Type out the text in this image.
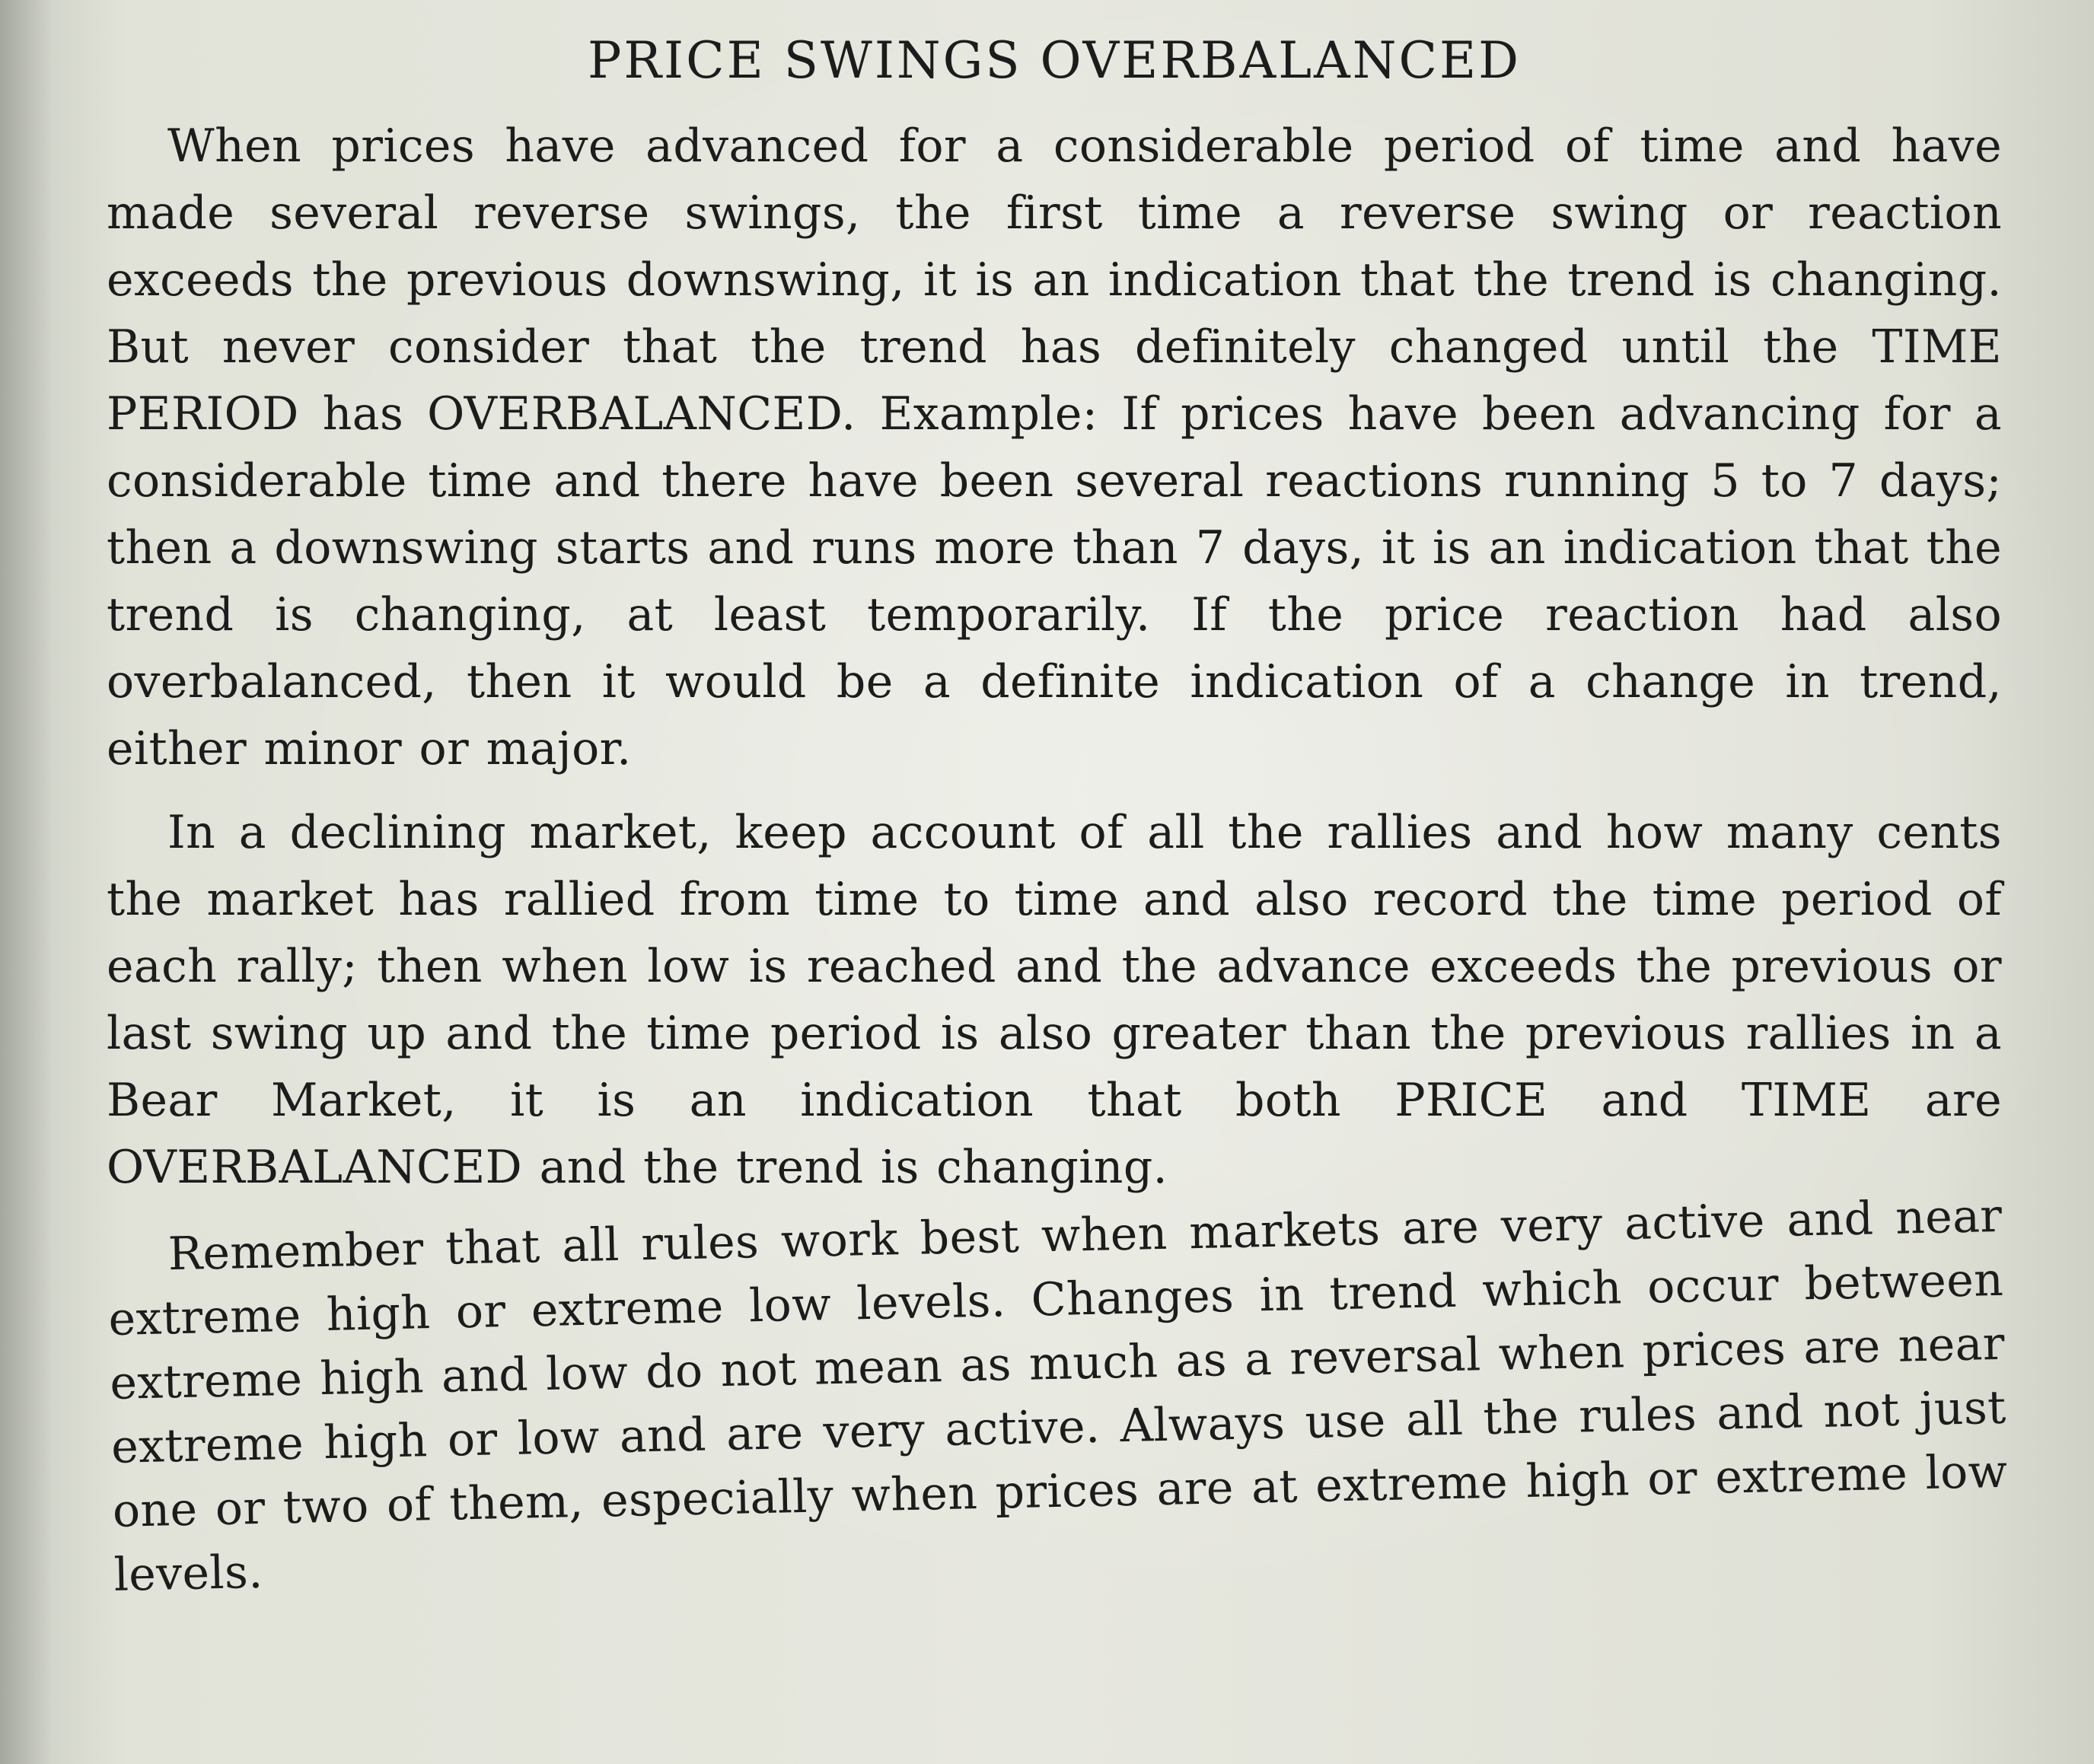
PRICE SWINGS OVERBALANCED

When prices have advanced for a considerable period of time and have made several reverse swings, the first time a reverse swing or reaction exceeds the previous downswing, it is an indication that the trend is changing. But never consider that the trend has definitely changed until the TIME PERIOD has OVERBALANCED. Example: If prices have been advancing for a considerable time and there have been several reactions running 5 to 7 days; then a downswing starts and runs more than 7 days, it is an indication that the trend is changing, at least temporarily. If the price reaction had also overbalanced, then it would be a definite indication of a change in trend, either minor or major.

In a declining market, keep account of all the rallies and how many cents the market has rallied from time to time and also record the time period of each rally; then when low is reached and the advance exceeds the previous or last swing up and the time period is also greater than the previous rallies in a Bear Market, it is an indication that both PRICE and TIME are OVERBALANCED and the trend is changing.

Remember that all rules work best when markets are very active and near extreme high or extreme low levels. Changes in trend which occur between extreme high and low do not mean as much as a reversal when prices are near extreme high or low and are very active. Always use all the rules and not just one or two of them, especially when prices are at extreme high or extreme low levels.
